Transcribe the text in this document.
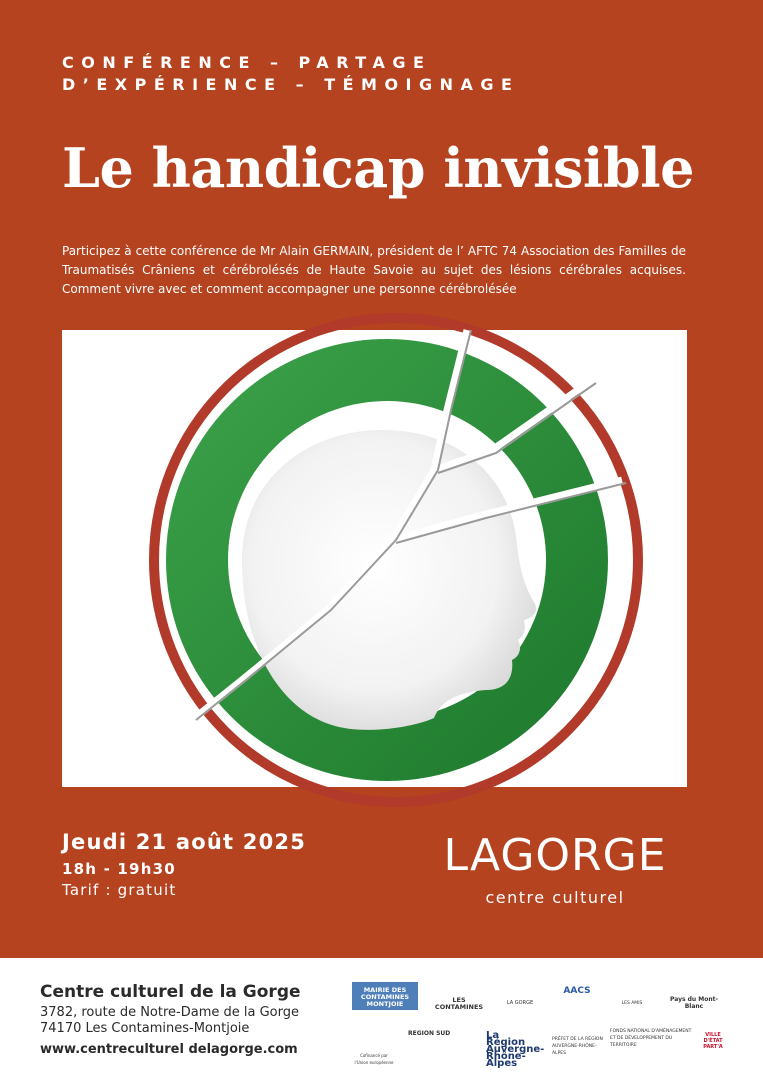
CONFÉRENCE – PARTAGE
D’EXPÉRIENCE – TÉMOIGNAGE
Le handicap invisible

Participez à cette conférence de Mr Alain GERMAIN, président de l’ AFTC 74 Association des Familles de Traumatisés Crâniens et cérébrolésés de Haute Savoie au sujet des lésions cérébrales acquises. Comment vivre avec et comment accompagner une personne cérébrolésée

Jeudi 21 août 2025
18h - 19h30
Tarif : gratuit
LAGORGE
centre culturel
Centre culturel de la Gorge
3782, route de Notre-Dame de la Gorge
74170 Les Contamines-Montjoie
www.centreculturel delagorge.com
MAIRIE DES CONTAMINES MONTJOIE	LES CONTAMINES	LA GORGE
AACS
LES AMIS
Pays du Mont-Blanc
Cofinancé par l'Union européenne
REGION SUD	La Région Auvergne-Rhône-Alpes
PRÉFET DE LA RÉGION AUVERGNE-RHÔNE-ALPES
FONDS NATIONAL D'AMÉNAGEMENT ET DE DÉVELOPPEMENT DU TERRITOIRE
VILLE D'ÉTAT PART'A
